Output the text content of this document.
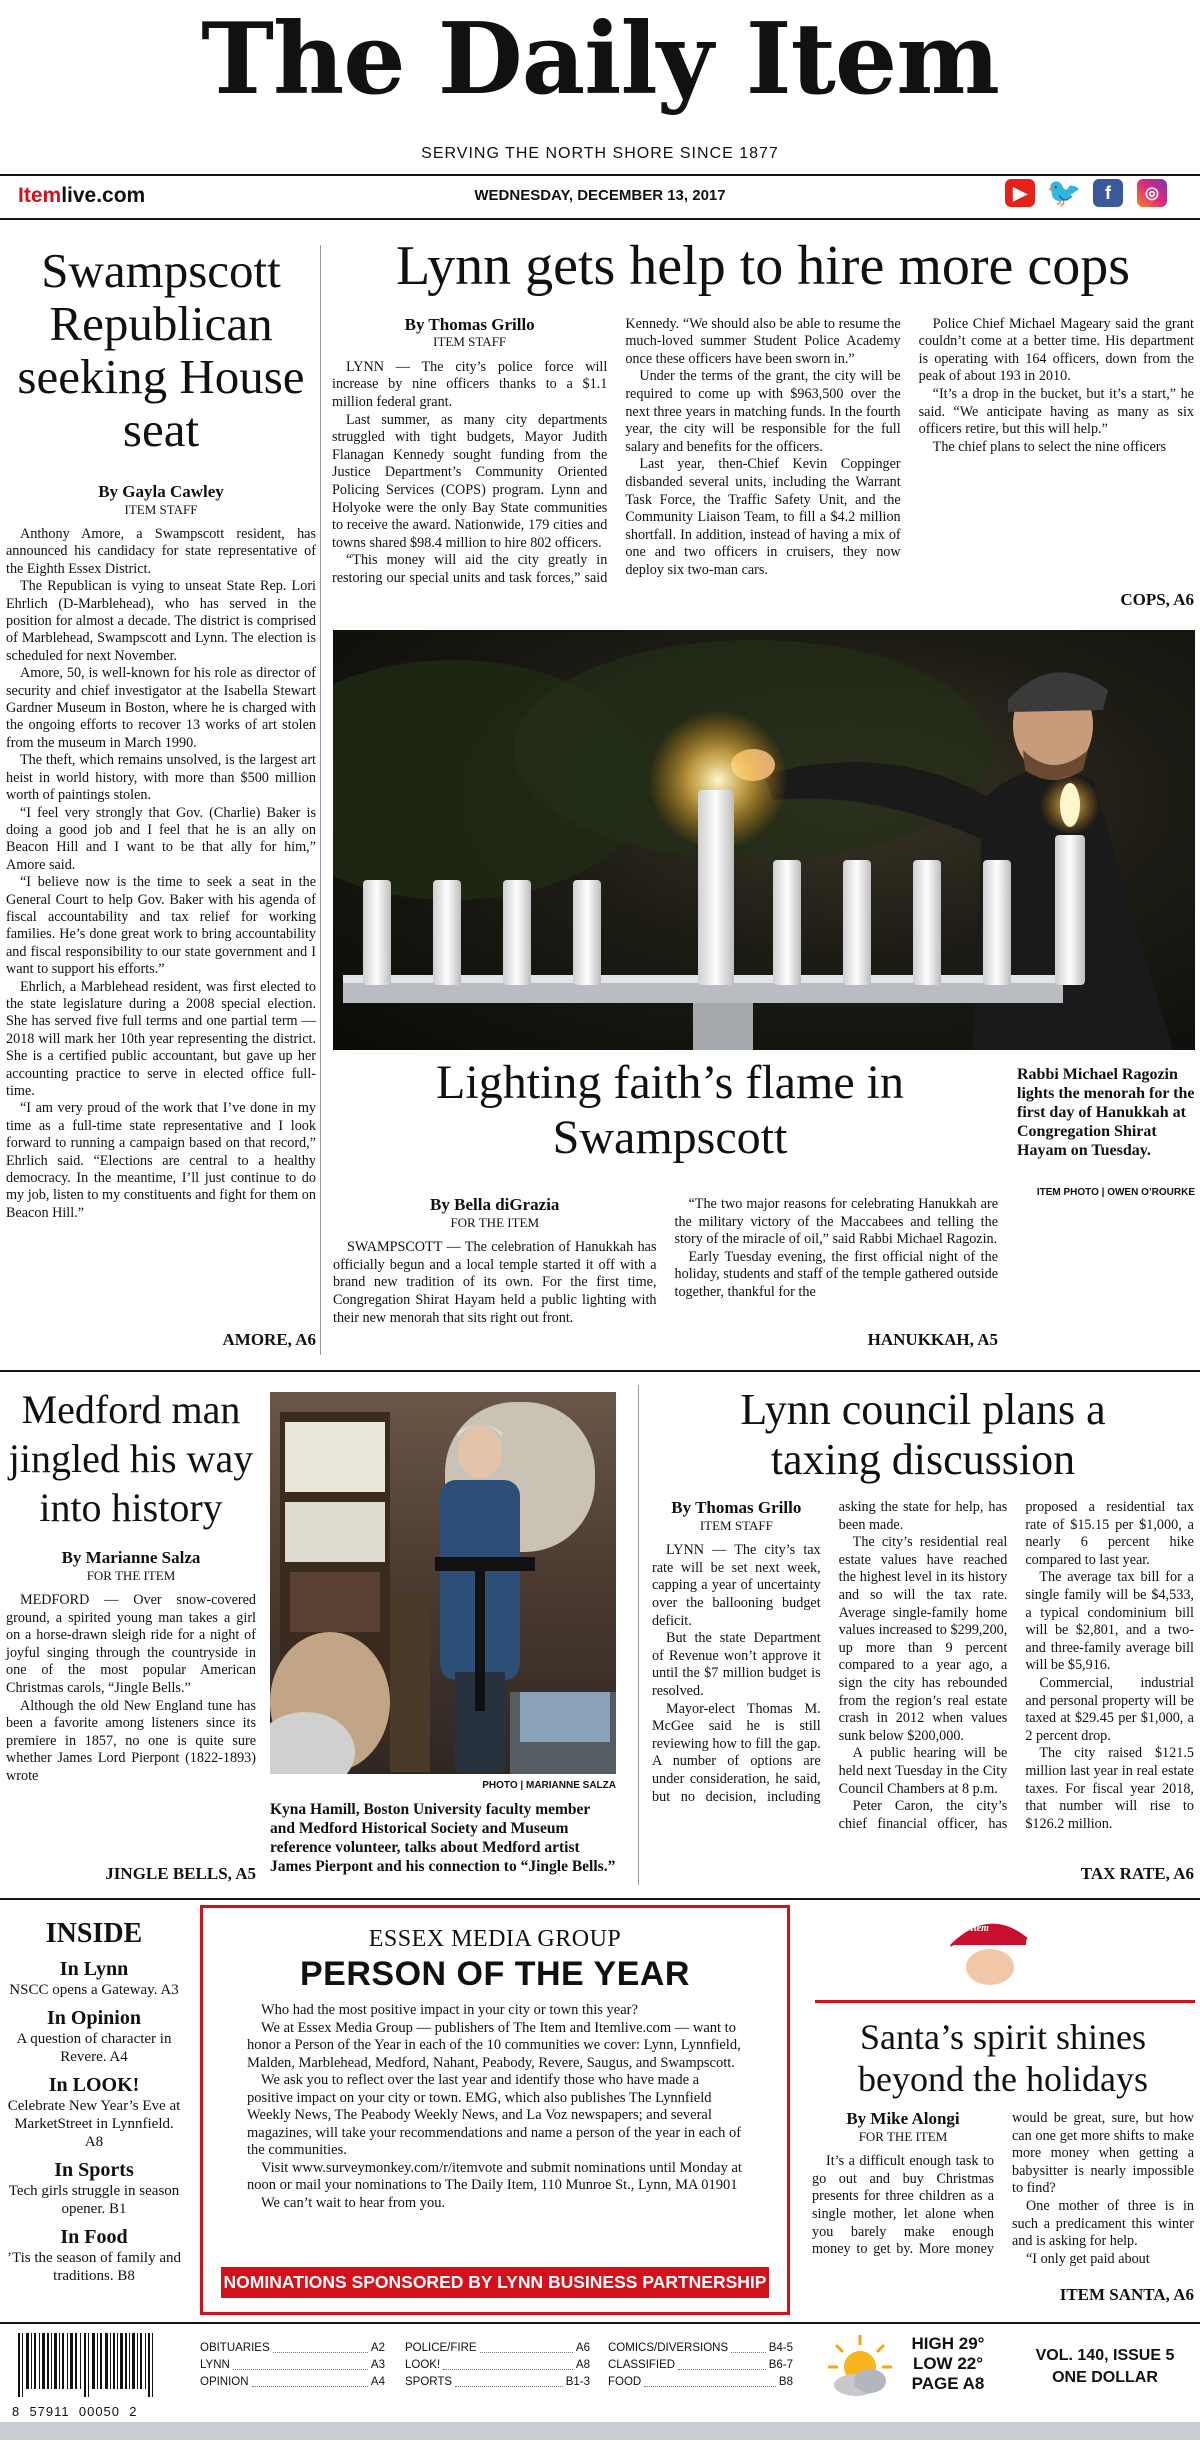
The Daily Item
SERVING THE NORTH SHORE SINCE 1877
Itemlive.com	WEDNESDAY, DECEMBER 13, 2017	▶ 🐦	f	◎
Swampscott Republican seeking House seat
By Gayla Cawley
ITEM STAFF

Anthony Amore, a Swampscott resident, has announced his candidacy for state representative of the Eighth Essex District.

The Republican is vying to unseat State Rep. Lori Ehrlich (D-Marblehead), who has served in the position for almost a decade. The district is comprised of Marblehead, Swampscott and Lynn. The election is scheduled for next November.

Amore, 50, is well-known for his role as director of security and chief investigator at the Isabella Stewart Gardner Museum in Boston, where he is charged with the ongoing efforts to recover 13 works of art stolen from the museum in March 1990.

The theft, which remains unsolved, is the largest art heist in world history, with more than $500 million worth of paintings stolen.

“I feel very strongly that Gov. (Charlie) Baker is doing a good job and I feel that he is an ally on Beacon Hill and I want to be that ally for him,” Amore said.

“I believe now is the time to seek a seat in the General Court to help Gov. Baker with his agenda of fiscal accountability and tax relief for working families. He’s done great work to bring accountability and fiscal responsibility to our state government and I want to support his efforts.”

Ehrlich, a Marblehead resident, was first elected to the state legislature during a 2008 special election. She has served five full terms and one partial term — 2018 will mark her 10th year representing the district. She is a certified public accountant, but gave up her accounting practice to serve in elected office full-time.

“I am very proud of the work that I’ve done in my time as a full-time state representative and I look forward to running a campaign based on that record,” Ehrlich said. “Elections are central to a healthy democracy. In the meantime, I’ll just continue to do my job, listen to my constituents and fight for them on Beacon Hill.”

AMORE, A6
Lynn gets help to hire more cops
By Thomas Grillo
ITEM STAFF

LYNN — The city’s police force will increase by nine officers thanks to a $1.1 million federal grant.

Last summer, as many city departments struggled with tight budgets, Mayor Judith Flanagan Kennedy sought funding from the Justice Department’s Community Oriented Policing Services (COPS) program. Lynn and Holyoke were the only Bay State communities to receive the award. Nationwide, 179 cities and towns shared $98.4 million to hire 802 officers.

“This money will aid the city greatly in restoring our special units and task forces,” said Kennedy. “We should also be able to resume the much-loved summer Student Police Academy once these officers have been sworn in.”

Under the terms of the grant, the city will be required to come up with $963,500 over the next three years in matching funds. In the fourth year, the city will be responsible for the full salary and benefits for the officers.

Last year, then-Chief Kevin Coppinger disbanded several units, including the Warrant Task Force, the Traffic Safety Unit, and the Community Liaison Team, to fill a $4.2 million shortfall. In addition, instead of having a mix of one and two officers in cruisers, they now deploy six two-man cars.

Police Chief Michael Mageary said the grant couldn’t come at a better time. His department is operating with 164 officers, down from the peak of about 193 in 2010.

“It’s a drop in the bucket, but it’s a start,” he said. “We anticipate having as many as six officers retire, but this will help.”

The chief plans to select the nine officers

COPS, A6
Lighting faith’s flame in Swampscott
Rabbi Michael Ragozin lights the menorah for the first day of Hanukkah at Congregation Shirat Hayam on Tuesday.
ITEM PHOTO | OWEN O’ROURKE
By Bella diGrazia
FOR THE ITEM

SWAMPSCOTT — The celebration of Hanukkah has officially begun and a local temple started it off with a brand new tradition of its own. For the first time, Congregation Shirat Hayam held a public lighting with their new menorah that sits right out front.

“The two major reasons for celebrating Hanukkah are the military victory of the Maccabees and telling the story of the miracle of oil,” said Rabbi Michael Ragozin.

Early Tuesday evening, the first official night of the holiday, students and staff of the temple gathered outside together, thankful for the

HANUKKAH, A5
Medford man jingled his way into history
By Marianne Salza
FOR THE ITEM

MEDFORD — Over snow-covered ground, a spirited young man takes a girl on a horse-drawn sleigh ride for a night of joyful singing through the countryside in one of the most popular American Christmas carols, “Jingle Bells.”

Although the old New England tune has been a favorite among listeners since its premiere in 1857, no one is quite sure whether James Lord Pierpont (1822-1893) wrote

JINGLE BELLS, A5
PHOTO | MARIANNE SALZA
Kyna Hamill, Boston University faculty member and Medford Historical Society and Museum reference volunteer, talks about Medford artist James Pierpont and his connection to “Jingle Bells.”
Lynn council plans a taxing discussion
By Thomas Grillo
ITEM STAFF

LYNN — The city’s tax rate will be set next week, capping a year of uncertainty over the ballooning budget deficit.

But the state Department of Revenue won’t approve it until the $7 million budget is resolved.

Mayor-elect Thomas M. McGee said he is still reviewing how to fill the gap. A number of options are under consideration, he said, but no decision, including asking the state for help, has been made.

The city’s residential real estate values have reached the highest level in its history and so will the tax rate. Average single-family home values increased to $299,200, up more than 9 percent compared to a year ago, a sign the city has rebounded from the region’s real estate crash in 2012 when values sunk below $200,000.

A public hearing will be held next Tuesday in the City Council Chambers at 8 p.m.

Peter Caron, the city’s chief financial officer, has proposed a residential tax rate of $15.15 per $1,000, a nearly 6 percent hike compared to last year.

The average tax bill for a single family will be $4,533, a typical condominium bill will be $2,801, and a two- and three-family average bill will be $5,916.

Commercial, industrial and personal property will be taxed at $29.45 per $1,000, a 2 percent drop.

The city raised $121.5 million last year in real estate taxes. For fiscal year 2018, that number will rise to $126.2 million.

TAX RATE, A6
INSIDE
In Lynn
NSCC opens a Gateway. A3
In Opinion
A question of character in Revere. A4
In LOOK!
Celebrate New Year’s Eve at MarketStreet in Lynnfield. A8
In Sports
Tech girls struggle in season opener. B1
In Food
’Tis the season of family and traditions. B8
ESSEX MEDIA GROUP
PERSON OF THE YEAR

Who had the most positive impact in your city or town this year?

We at Essex Media Group — publishers of The Item and Itemlive.com — want to honor a Person of the Year in each of the 10 communities we cover: Lynn, Lynnfield, Malden, Marblehead, Medford, Nahant, Peabody, Revere, Saugus, and Swampscott.

We ask you to reflect over the last year and identify those who have made a positive impact on your city or town. EMG, which also publishes The Lynnfield Weekly News, The Peabody Weekly News, and La Voz newspapers; and several magazines, will take your recommendations and name a person of the year in each of the communities.

Visit www.surveymonkey.com/r/itemvote and submit nominations until Monday at noon or mail your nominations to The Daily Item, 110 Munroe St., Lynn, MA 01901

We can’t wait to hear from you.

NOMINATIONS SPONSORED BY LYNN BUSINESS PARTNERSHIP
Item
Santa’s spirit shines beyond the holidays
By Mike Alongi
FOR THE ITEM

It’s a difficult enough task to go out and buy Christmas presents for three children as a single mother, let alone when you barely make enough money to get by. More money would be great, sure, but how can one get more shifts to make more money when getting a babysitter is nearly impossible to find?

One mother of three is in such a predicament this winter and is asking for help.

“I only get paid about

ITEM SANTA, A6
8  57911  00050  2
OBITUARIES	A2
LYNN	A3
OPINION	A4
POLICE/FIRE	A6
LOOK!	A8
SPORTS	B1-3
COMICS/DIVERSIONS	B4-5
CLASSIFIED	B6-7
FOOD	B8
HIGH 29°
LOW 22°
PAGE A8
VOL. 140, ISSUE 5
ONE DOLLAR
